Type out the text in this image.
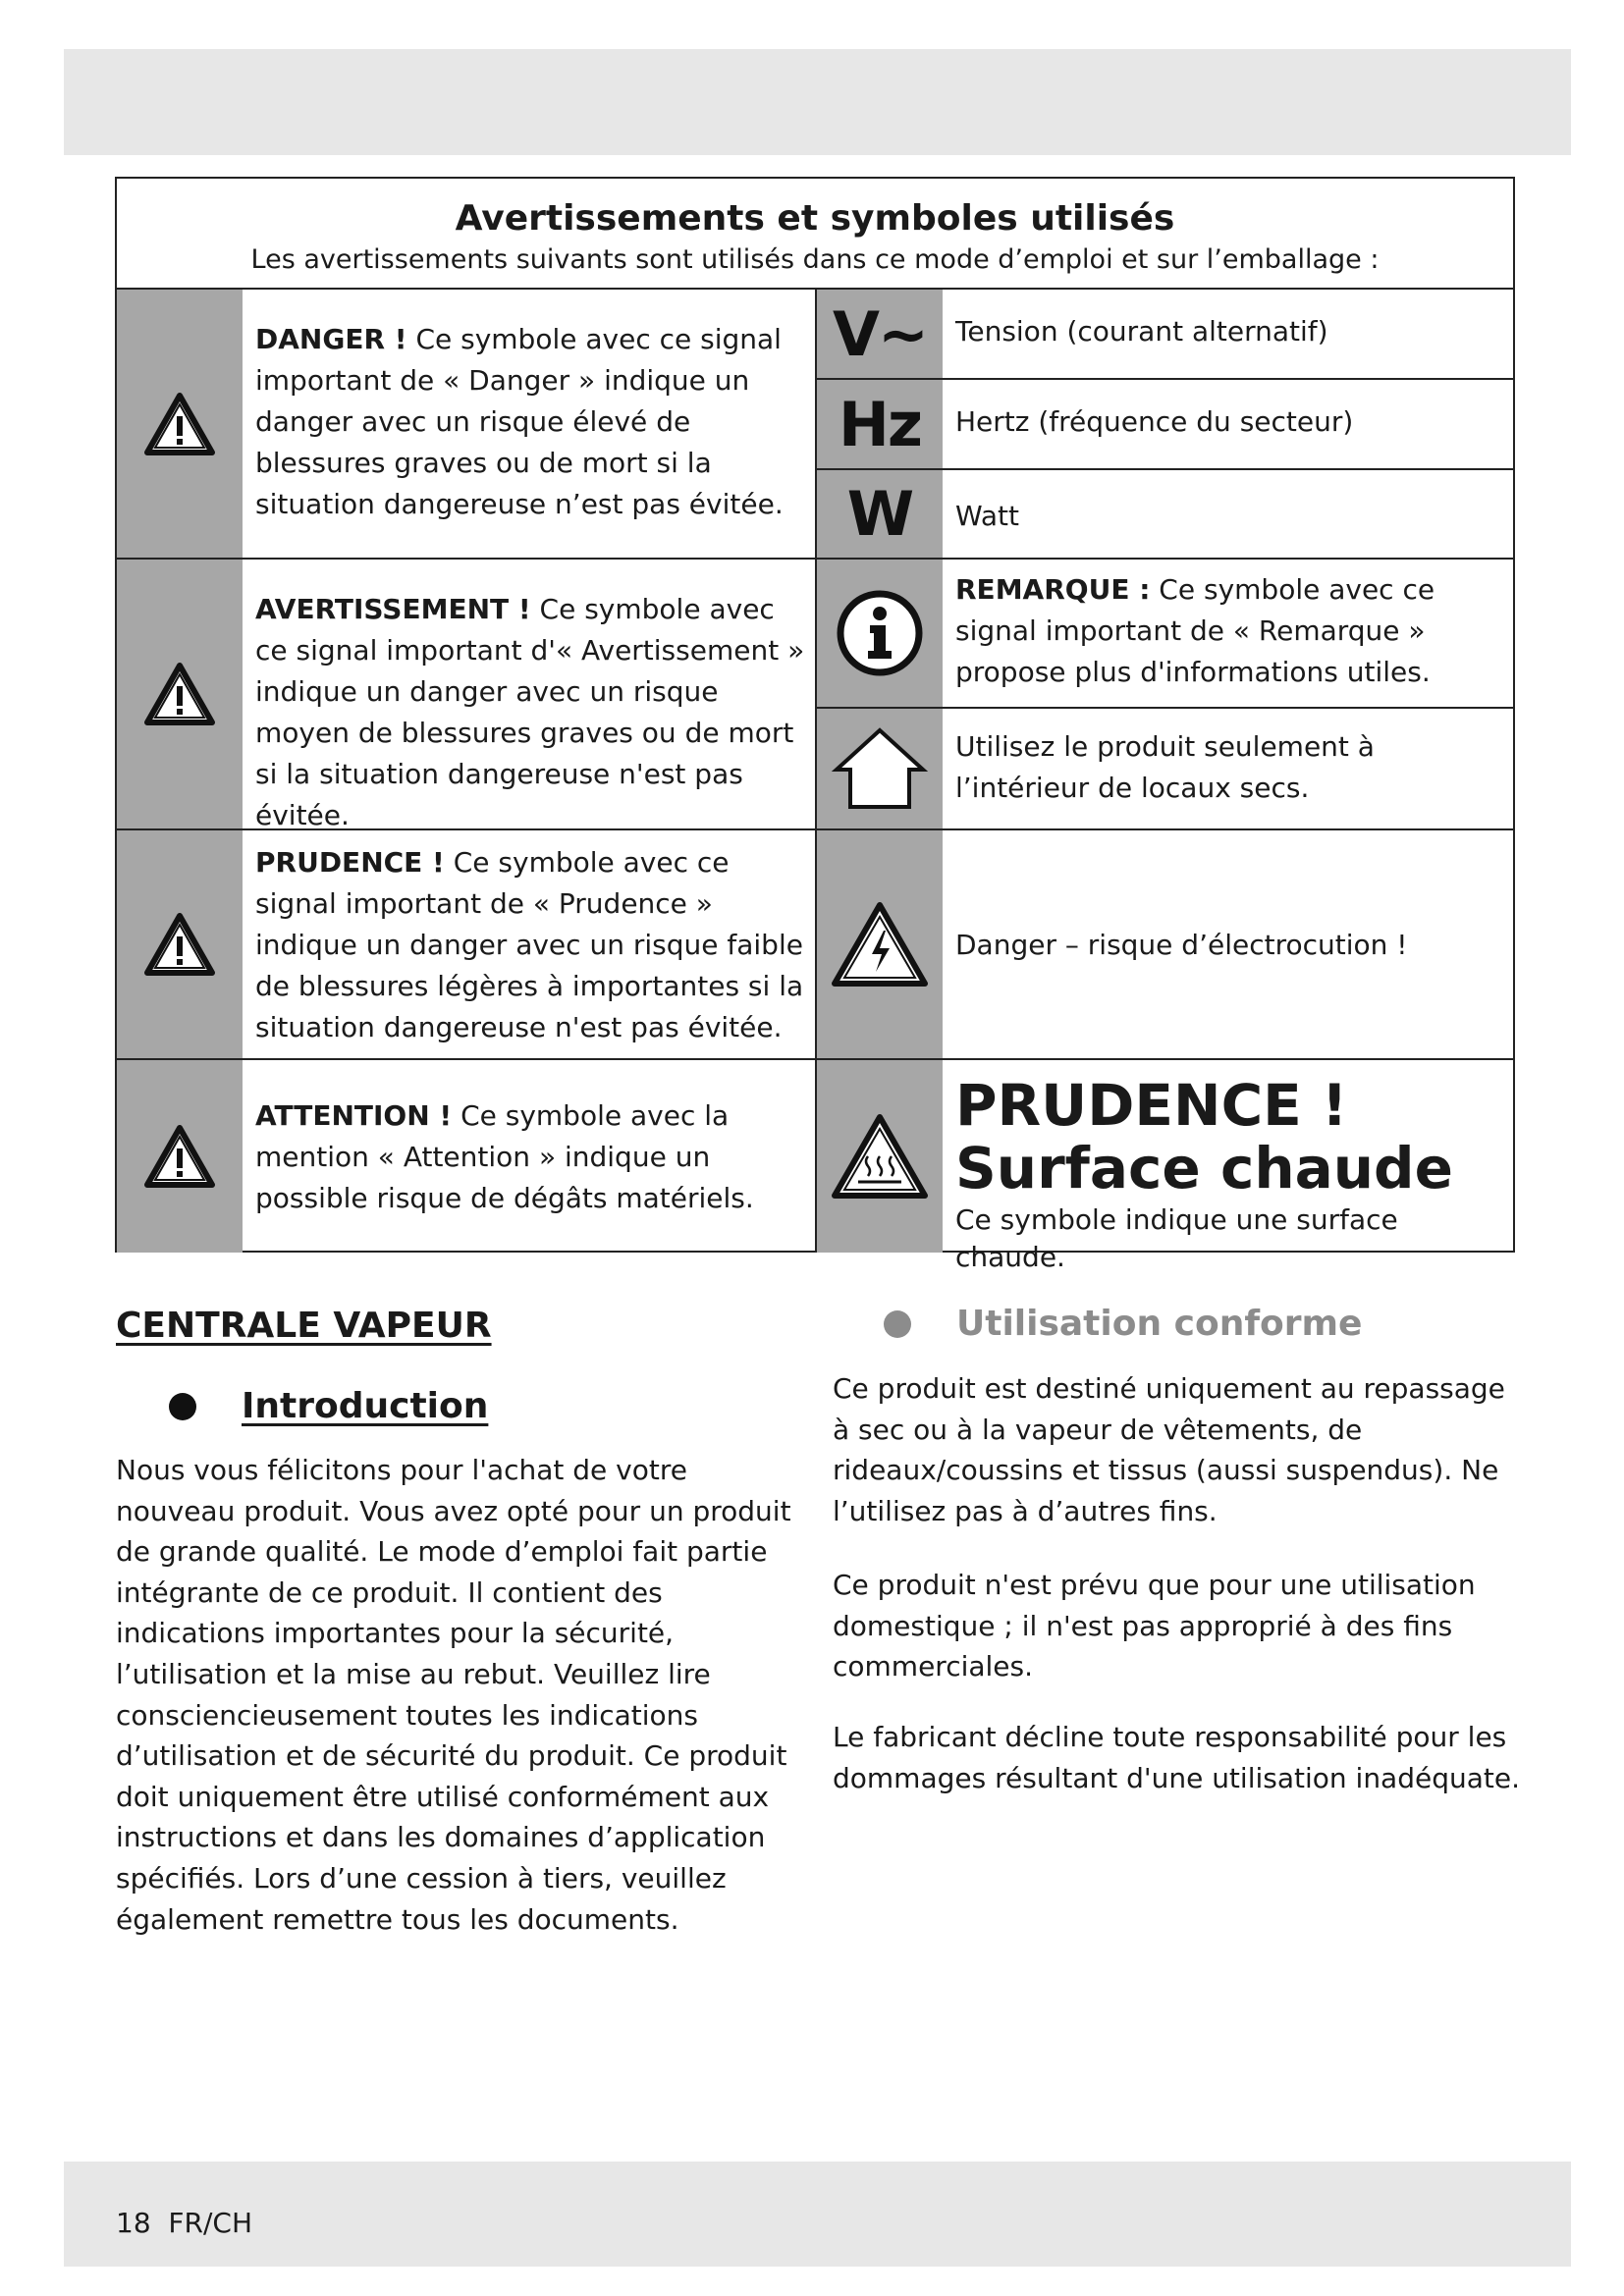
Avertissements et symboles utilisés
Les avertissements suivants sont utilisés dans ce mode d’emploi et sur l’emballage :
DANGER ! Ce symbole avec ce signal important de « Danger » indique un danger avec un risque élevé de blessures graves ou de mort si la situation dangereuse n’est pas évitée.
AVERTISSEMENT ! Ce symbole avec ce signal important d'« Avertissement » indique un danger avec un risque moyen de blessures graves ou de mort si la situation dangereuse n'est pas évitée.
PRUDENCE ! Ce symbole avec ce signal important de « Prudence » indique un danger avec un risque faible de blessures légères à importantes si la situation dangereuse n'est pas évitée.
ATTENTION ! Ce symbole avec la mention « Attention » indique un possible risque de dégâts matériels.
V~ Tension (courant alternatif)
Hz Hertz (fréquence du secteur)
W Watt
REMARQUE : Ce symbole avec ce signal important de « Remarque » propose plus d'informations utiles.
Utilisez le produit seulement à l’intérieur de locaux secs.
Danger – risque d’électrocution !
PRUDENCE !
Surface chaude
Ce symbole indique une surface chaude.
CENTRALE VAPEUR
Introduction
Nous vous félicitons pour l'achat de votre nouveau produit. Vous avez opté pour un produit de grande qualité. Le mode d’emploi fait partie intégrante de ce produit. Il contient des indications importantes pour la sécurité, l’utilisation et la mise au rebut. Veuillez lire consciencieusement toutes les indications d’utilisation et de sécurité du produit. Ce produit doit uniquement être utilisé conformément aux instructions et dans les domaines d’application spécifiés. Lors d’une cession à tiers, veuillez également remettre tous les documents.
Utilisation conforme
Ce produit est destiné uniquement au repassage à sec ou à la vapeur de vêtements, de rideaux/coussins et tissus (aussi suspendus). Ne l’utilisez pas à d’autres fins.
Ce produit n'est prévu que pour une utilisation domestique ; il n'est pas approprié à des fins commerciales.
Le fabricant décline toute responsabilité pour les dommages résultant d'une utilisation inadéquate.
18  FR/CH
